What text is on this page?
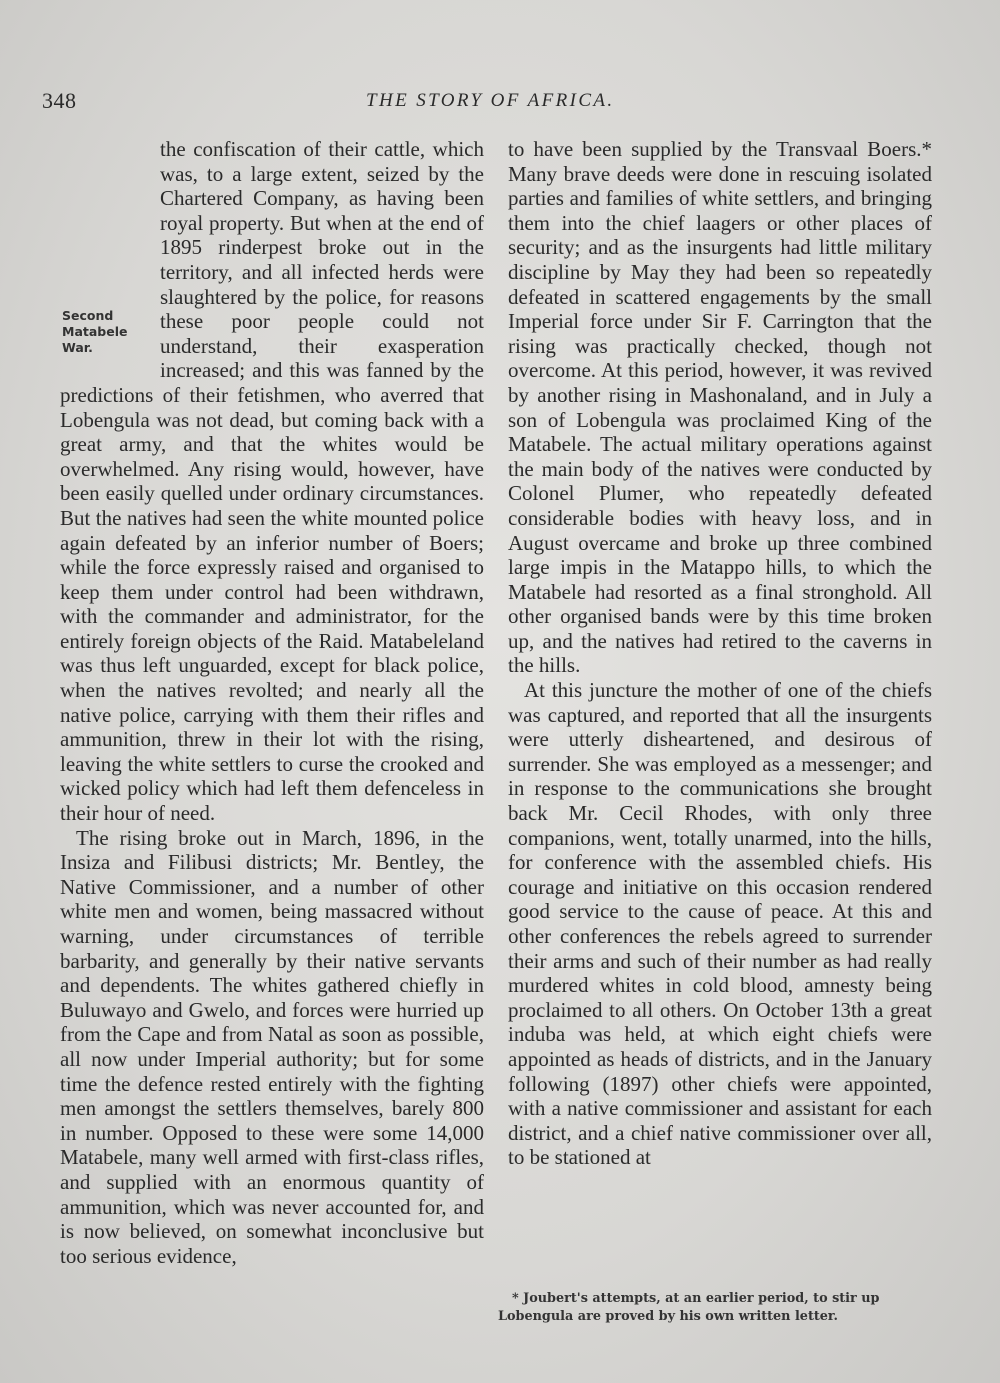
348	THE STORY OF AFRICA.
Second
Matabele
War.

the confiscation of their cattle, which was, to a large extent, seized by the Chartered Company, as having been royal property. But when at the end of 1895 rinderpest broke out in the territory, and all infected herds were slaughtered by the police, for reasons these poor people could not understand, their exasperation increased; and this was fanned by the predictions of their fetishmen, who averred that Lobengula was not dead, but coming back with a great army, and that the whites would be overwhelmed. Any rising would, however, have been easily quelled under ordinary circumstances. But the natives had seen the white mounted police again defeated by an inferior number of Boers; while the force expressly raised and organised to keep them under control had been withdrawn, with the commander and administrator, for the entirely foreign objects of the Raid. Matabeleland was thus left unguarded, except for black police, when the natives revolted; and nearly all the native police, carrying with them their rifles and ammunition, threw in their lot with the rising, leaving the white settlers to curse the crooked and wicked policy which had left them defenceless in their hour of need.

The rising broke out in March, 1896, in the Insiza and Filibusi districts; Mr. Bentley, the Native Commissioner, and a number of other white men and women, being massacred without warning, under circumstances of terrible barbarity, and generally by their native servants and dependents. The whites gathered chiefly in Buluwayo and Gwelo, and forces were hurried up from the Cape and from Natal as soon as possible, all now under Imperial authority; but for some time the defence rested entirely with the fighting men amongst the settlers themselves, barely 800 in number. Opposed to these were some 14,000 Matabele, many well armed with first-class rifles, and supplied with an enormous quantity of ammunition, which was never accounted for, and is now believed, on somewhat inconclusive but too serious evidence,

to have been supplied by the Transvaal Boers.* Many brave deeds were done in rescuing isolated parties and families of white settlers, and bringing them into the chief laagers or other places of security; and as the insurgents had little military discipline by May they had been so repeatedly defeated in scattered engagements by the small Imperial force under Sir F. Carrington that the rising was practically checked, though not overcome. At this period, however, it was revived by another rising in Mashonaland, and in July a son of Lobengula was proclaimed King of the Matabele. The actual military operations against the main body of the natives were conducted by Colonel Plumer, who repeatedly defeated considerable bodies with heavy loss, and in August overcame and broke up three combined large impis in the Matappo hills, to which the Matabele had resorted as a final stronghold. All other organised bands were by this time broken up, and the natives had retired to the caverns in the hills.

At this juncture the mother of one of the chiefs was captured, and reported that all the insurgents were utterly disheartened, and desirous of surrender. She was employed as a messenger; and in response to the communications she brought back Mr. Cecil Rhodes, with only three companions, went, totally unarmed, into the hills, for conference with the assembled chiefs. His courage and initiative on this occasion rendered good service to the cause of peace. At this and other conferences the rebels agreed to surrender their arms and such of their number as had really murdered whites in cold blood, amnesty being proclaimed to all others. On October 13th a great induba was held, at which eight chiefs were appointed as heads of districts, and in the January following (1897) other chiefs were appointed, with a native commissioner and assistant for each district, and a chief native commissioner over all, to be stationed at

* Joubert's attempts, at an earlier period, to stir up Lobengula are proved by his own written letter.
